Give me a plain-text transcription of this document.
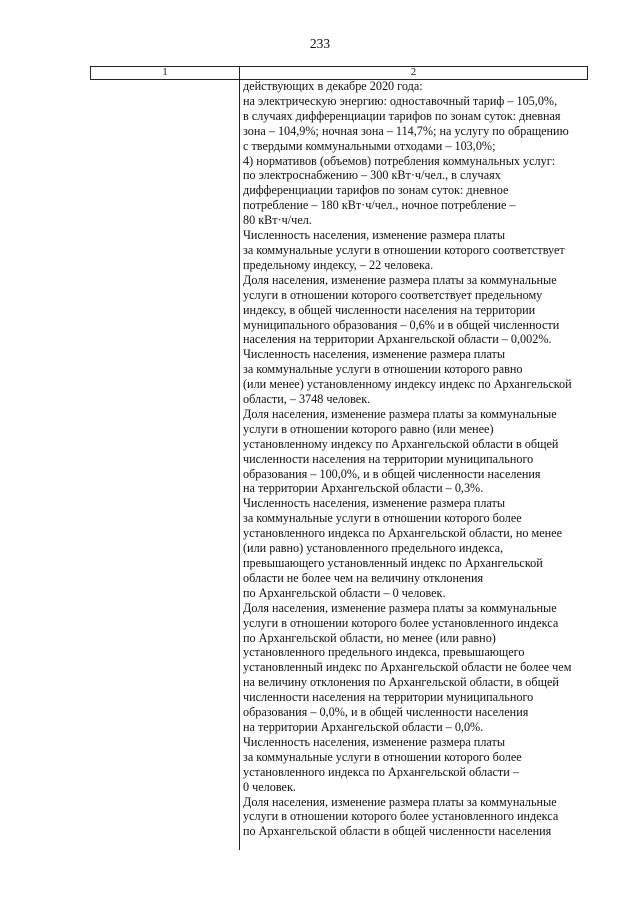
233
1	2
действующих в декабре 2020 года:
на электрическую энергию: одноставочный тариф – 105,0%,
в случаях дифференциации тарифов по зонам суток: дневная
зона – 104,9%; ночная зона – 114,7%; на услугу по обращению
с твердыми коммунальными отходами – 103,0%;
4) нормативов (объемов) потребления коммунальных услуг:
по электроснабжению – 300 кВт·ч/чел., в случаях
дифференциации тарифов по зонам суток: дневное
потребление – 180 кВт·ч/чел., ночное потребление –
80 кВт·ч/чел.
Численность населения, изменение размера платы
за коммунальные услуги в отношении которого соответствует
предельному индексу, – 22 человека.
Доля населения, изменение размера платы за коммунальные
услуги в отношении которого соответствует предельному
индексу, в общей численности населения на территории
муниципального образования – 0,6% и в общей численности
населения на территории Архангельской области – 0,002%.
Численность населения, изменение размера платы
за коммунальные услуги в отношении которого равно
(или менее) установленному индексу индекс по Архангельской
области, – 3748 человек.
Доля населения, изменение размера платы за коммунальные
услуги в отношении которого равно (или менее)
установленному индексу по Архангельской области в общей
численности населения на территории муниципального
образования – 100,0%, и в общей численности населения
на территории Архангельской области – 0,3%.
Численность населения, изменение размера платы
за коммунальные услуги в отношении которого более
установленного индекса по Архангельской области, но менее
(или равно) установленного предельного индекса,
превышающего установленный индекс по Архангельской
области не более чем на величину отклонения
по Архангельской области – 0 человек.
Доля населения, изменение размера платы за коммунальные
услуги в отношении которого более установленного индекса
по Архангельской области, но менее (или равно)
установленного предельного индекса, превышающего
установленный индекс по Архангельской области не более чем
на величину отклонения по Архангельской области, в общей
численности населения на территории муниципального
образования – 0,0%, и в общей численности населения
на территории Архангельской области – 0,0%.
Численность населения, изменение размера платы
за коммунальные услуги в отношении которого более
установленного индекса по Архангельской области –
0 человек.
Доля населения, изменение размера платы за коммунальные
услуги в отношении которого более установленного индекса
по Архангельской области в общей численности населения
